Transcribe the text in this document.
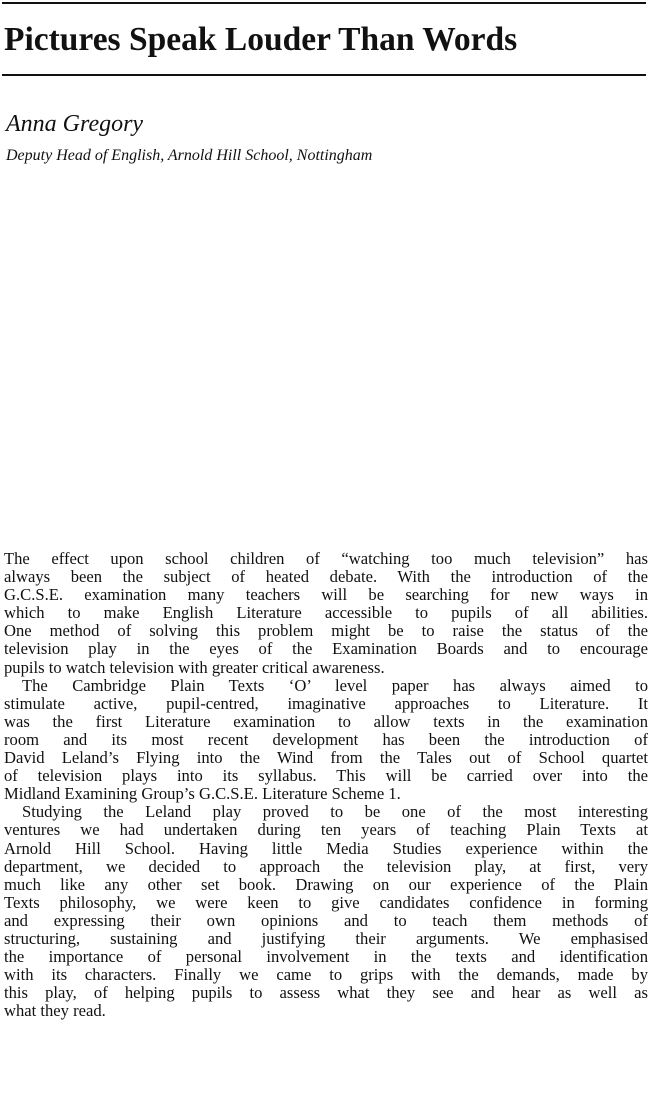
Pictures Speak Louder Than Words
Anna Gregory
Deputy Head of English, Arnold Hill School, Nottingham

The effect upon school children of “watching too much television” has
always been the subject of heated debate. With the introduction of the
G.C.S.E. examination many teachers will be searching for new ways in
which to make English Literature accessible to pupils of all abilities.
One method of solving this problem might be to raise the status of the
television play in the eyes of the Examination Boards and to encourage
pupils to watch television with greater critical awareness.

The Cambridge Plain Texts ‘O’ level paper has always aimed to
stimulate active, pupil-centred, imaginative approaches to Literature. It
was the first Literature examination to allow texts in the examination
room and its most recent development has been the introduction of
David Leland’s Flying into the Wind from the Tales out of School quartet
of television plays into its syllabus. This will be carried over into the
Midland Examining Group’s G.C.S.E. Literature Scheme 1.

Studying the Leland play proved to be one of the most interesting
ventures we had undertaken during ten years of teaching Plain Texts at
Arnold Hill School. Having little Media Studies experience within the
department, we decided to approach the television play, at first, very
much like any other set book. Drawing on our experience of the Plain
Texts philosophy, we were keen to give candidates confidence in forming
and expressing their own opinions and to teach them methods of
structuring, sustaining and justifying their arguments. We emphasised
the importance of personal involvement in the texts and identification
with its characters. Finally we came to grips with the demands, made by
this play, of helping pupils to assess what they see and hear as well as
what they read.
